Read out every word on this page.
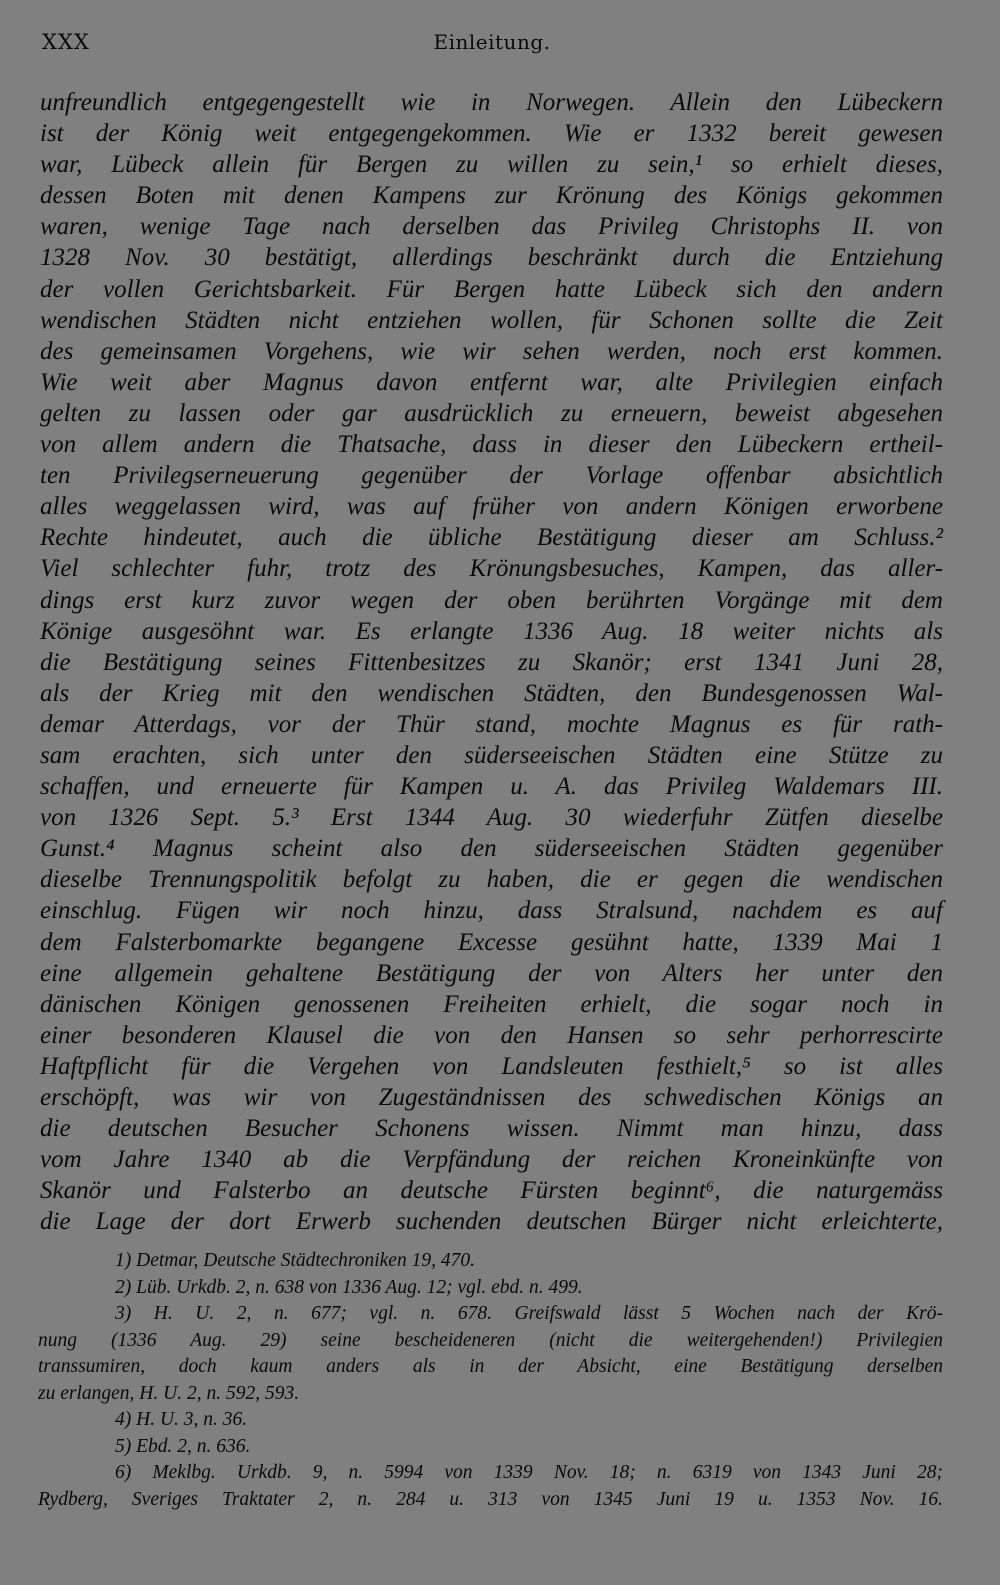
XXX	Einleitung.
unfreundlich entgegengestellt wie in Norwegen. Allein den Lübeckern
ist der König weit entgegengekommen. Wie er 1332 bereit gewesen
war, Lübeck allein für Bergen zu willen zu sein,¹ so erhielt dieses,
dessen Boten mit denen Kampens zur Krönung des Königs gekommen
waren, wenige Tage nach derselben das Privileg Christophs II. von
1328 Nov. 30 bestätigt, allerdings beschränkt durch die Entziehung
der vollen Gerichtsbarkeit. Für Bergen hatte Lübeck sich den andern
wendischen Städten nicht entziehen wollen, für Schonen sollte die Zeit
des gemeinsamen Vorgehens, wie wir sehen werden, noch erst kommen.
Wie weit aber Magnus davon entfernt war, alte Privilegien einfach
gelten zu lassen oder gar ausdrücklich zu erneuern, beweist abgesehen
von allem andern die Thatsache, dass in dieser den Lübeckern ertheil-
ten Privilegserneuerung gegenüber der Vorlage offenbar absichtlich
alles weggelassen wird, was auf früher von andern Königen erworbene
Rechte hindeutet, auch die übliche Bestätigung dieser am Schluss.²
Viel schlechter fuhr, trotz des Krönungsbesuches, Kampen, das aller-
dings erst kurz zuvor wegen der oben berührten Vorgänge mit dem
Könige ausgesöhnt war. Es erlangte 1336 Aug. 18 weiter nichts als
die Bestätigung seines Fittenbesitzes zu Skanör; erst 1341 Juni 28,
als der Krieg mit den wendischen Städten, den Bundesgenossen Wal-
demar Atterdags, vor der Thür stand, mochte Magnus es für rath-
sam erachten, sich unter den süderseeischen Städten eine Stütze zu
schaffen, und erneuerte für Kampen u. A. das Privileg Waldemars III.
von 1326 Sept. 5.³ Erst 1344 Aug. 30 wiederfuhr Zütfen dieselbe
Gunst.⁴ Magnus scheint also den süderseeischen Städten gegenüber
dieselbe Trennungspolitik befolgt zu haben, die er gegen die wendischen
einschlug. Fügen wir noch hinzu, dass Stralsund, nachdem es auf
dem Falsterbomarkte begangene Excesse gesühnt hatte, 1339 Mai 1
eine allgemein gehaltene Bestätigung der von Alters her unter den
dänischen Königen genossenen Freiheiten erhielt, die sogar noch in
einer besonderen Klausel die von den Hansen so sehr perhorrescirte
Haftpflicht für die Vergehen von Landsleuten festhielt,⁵ so ist alles
erschöpft, was wir von Zugeständnissen des schwedischen Königs an
die deutschen Besucher Schonens wissen. Nimmt man hinzu, dass
vom Jahre 1340 ab die Verpfändung der reichen Kroneinkünfte von
Skanör und Falsterbo an deutsche Fürsten beginnt⁶, die naturgemäss
die Lage der dort Erwerb suchenden deutschen Bürger nicht erleichterte,
1) Detmar, Deutsche Städtechroniken 19, 470.
2) Lüb. Urkdb. 2, n. 638 von 1336 Aug. 12; vgl. ebd. n. 499.
3) H. U. 2, n. 677; vgl. n. 678. Greifswald lässt 5 Wochen nach der Krö-
nung (1336 Aug. 29) seine bescheideneren (nicht die weitergehenden!) Privilegien
transsumiren, doch kaum anders als in der Absicht, eine Bestätigung derselben
zu erlangen, H. U. 2, n. 592, 593.
4) H. U. 3, n. 36.
5) Ebd. 2, n. 636.
6) Meklbg. Urkdb. 9, n. 5994 von 1339 Nov. 18; n. 6319 von 1343 Juni 28;
Rydberg, Sveriges Traktater 2, n. 284 u. 313 von 1345 Juni 19 u. 1353 Nov. 16.
